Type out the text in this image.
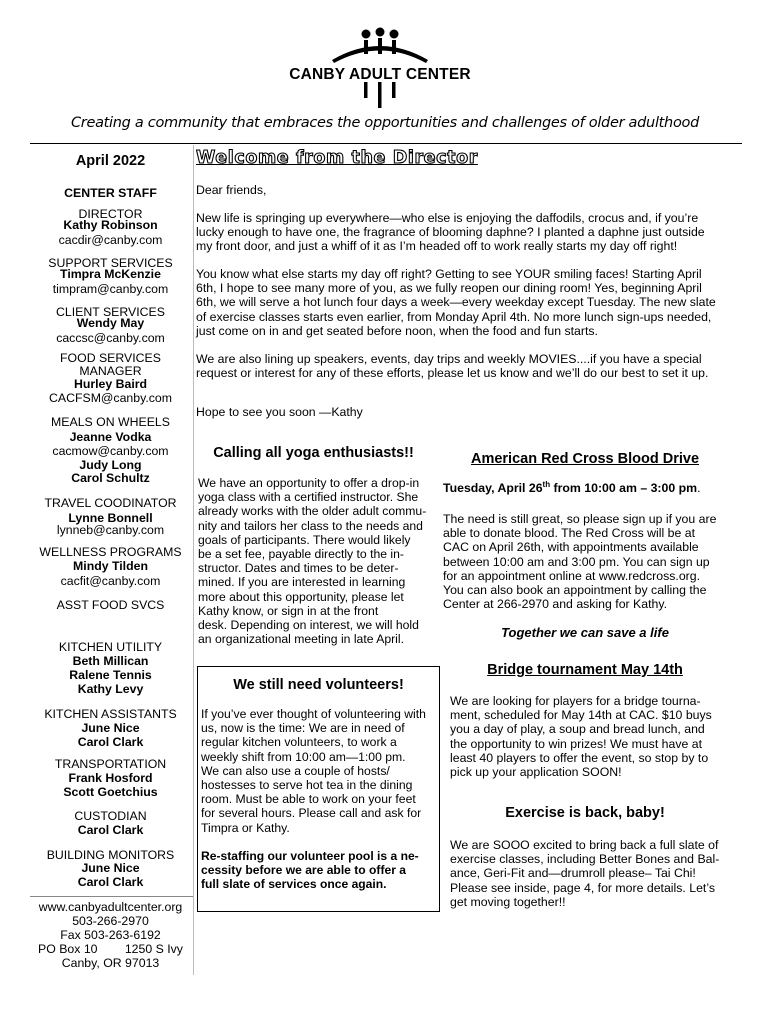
CANBY ADULT CENTER
Creating a community that embraces the opportunities and challenges of older adulthood
April 2022
CENTER STAFF
DIRECTOR
Kathy Robinson
cacdir@canby.com
SUPPORT SERVICES
Timpra McKenzie
timpram@canby.com
CLIENT SERVICES
Wendy May
caccsc@canby.com
FOOD SERVICES
MANAGER
Hurley Baird
CACFSM@canby.com
MEALS ON WHEELS
Jeanne Vodka
cacmow@canby.com
Judy Long
Carol Schultz
TRAVEL COODINATOR
Lynne Bonnell
lynneb@canby.com
WELLNESS PROGRAMS
Mindy Tilden
cacfit@canby.com
ASST FOOD SVCS
KITCHEN UTILITY
Beth Millican
Ralene Tennis
Kathy Levy
KITCHEN ASSISTANTS
June Nice
Carol Clark
TRANSPORTATION
Frank Hosford
Scott Goetchius
CUSTODIAN
Carol Clark
BUILDING MONITORS
June Nice
Carol Clark
www.canbyadultcenter.org
503-266-2970
Fax 503-263-6192
PO Box 10        1250 S Ivy
Canby, OR 97013
Welcome from the Director
Dear friends,
New life is springing up everywhere—who else is enjoying the daffodils, crocus and, if you’re
lucky enough to have one, the fragrance of blooming daphne? I planted a daphne just outside
my front door, and just a whiff of it as I’m headed off to work really starts my day off right!
You know what else starts my day off right? Getting to see YOUR smiling faces! Starting April
6th, I hope to see many more of you, as we fully reopen our dining room! Yes, beginning April
6th, we will serve a hot lunch four days a week—every weekday except Tuesday. The new slate
of exercise classes starts even earlier, from Monday April 4th. No more lunch sign-ups needed,
just come on in and get seated before noon, when the food and fun starts.
We are also lining up speakers, events, day trips and weekly MOVIES....if you have a special
request or interest for any of these efforts, please let us know and we’ll do our best to set it up.
Hope to see you soon —Kathy
Calling all yoga enthusiasts!!
We have an opportunity to offer a drop-in
yoga class with a certified instructor. She
already works with the older adult commu-
nity and tailors her class to the needs and
goals of participants. There would likely
be a set fee, payable directly to the in-
structor. Dates and times to be deter-
mined. If you are interested in learning
more about this opportunity, please let
Kathy know, or sign in at the front
desk. Depending on interest, we will hold
an organizational meeting in late April.
We still need volunteers!
If you’ve ever thought of volunteering with
us, now is the time: We are in need of
regular kitchen volunteers, to work a
weekly shift from 10:00 am—1:00 pm.
We can also use a couple of hosts/
hostesses to serve hot tea in the dining
room. Must be able to work on your feet
for several hours. Please call and ask for
Timpra or Kathy.
Re-staffing our volunteer pool is a ne-
cessity before we are able to offer a
full slate of services once again.
American Red Cross Blood Drive
Tuesday, April 26th from 10:00 am – 3:00 pm.
The need is still great, so please sign up if you are
able to donate blood. The Red Cross will be at
CAC on April 26th, with appointments available
between 10:00 am and 3:00 pm. You can sign up
for an appointment online at www.redcross.org.
You can also book an appointment by calling the
Center at 266-2970 and asking for Kathy.
Together we can save a life
Bridge tournament May 14th
We are looking for players for a bridge tourna-
ment, scheduled for May 14th at CAC. $10 buys
you a day of play, a soup and bread lunch, and
the opportunity to win prizes! We must have at
least 40 players to offer the event, so stop by to
pick up your application SOON!
Exercise is back, baby!
We are SOOO excited to bring back a full slate of
exercise classes, including Better Bones and Bal-
ance, Geri-Fit and—drumroll please– Tai Chi!
Please see inside, page 4, for more details. Let’s
get moving together!!
